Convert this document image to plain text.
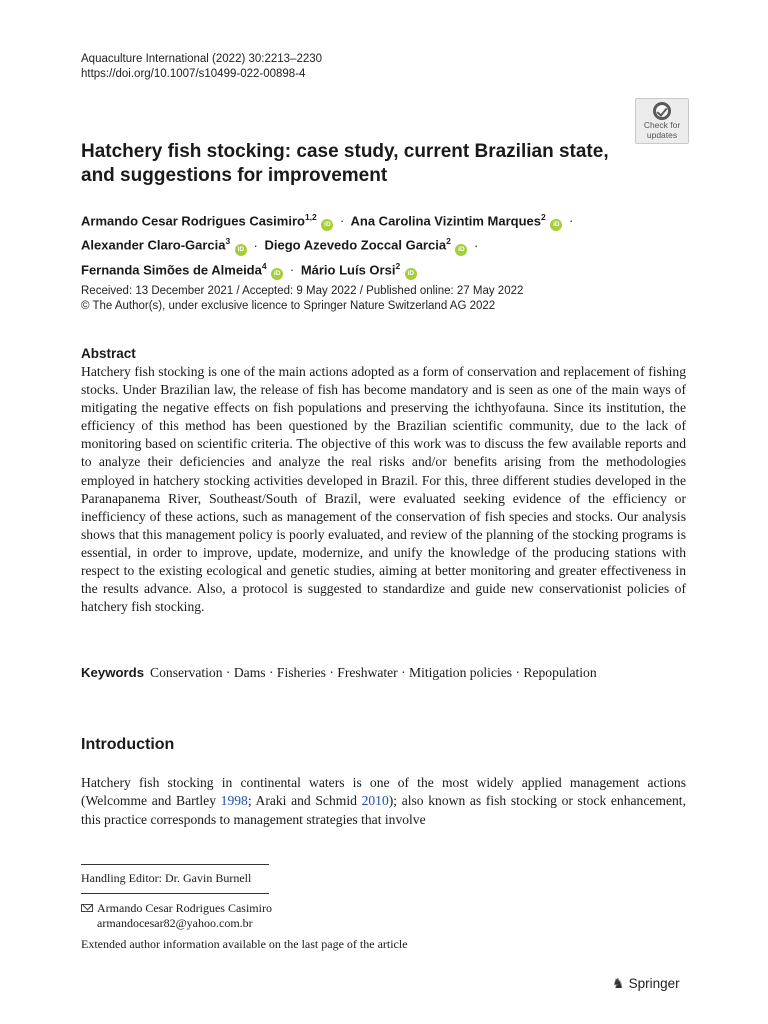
Aquaculture International (2022) 30:2213–2230
https://doi.org/10.1007/s10499-022-00898-4
Check for
updates
Hatchery fish stocking: case study, current Brazilian state,
and suggestions for improvement
Armando Cesar Rodrigues Casimiro$^{1,2}$ iD · Ana Carolina Vizintim Marques$^2$ iD ·
Alexander Claro-Garcia$^3$ iD · Diego Azevedo Zoccal Garcia$^2$ iD ·
Fernanda Simões de Almeida$^4$ iD · Mário Luís Orsi$^2$ iD
Received: 13 December 2021 / Accepted: 9 May 2022 / Published online: 27 May 2022
© The Author(s), under exclusive licence to Springer Nature Switzerland AG 2022
Abstract

Hatchery fish stocking is one of the main actions adopted as a form of conservation and replacement of fishing stocks. Under Brazilian law, the release of fish has become mandatory and is seen as one of the main ways of mitigating the negative effects on fish populations and preserving the ichthyofauna. Since its institution, the efficiency of this method has been questioned by the Brazilian scientific community, due to the lack of monitoring based on scientific criteria. The objective of this work was to discuss the few available reports and to analyze their deficiencies and analyze the real risks and/or benefits arising from the methodologies employed in hatchery stocking activities developed in Brazil. For this, three different studies developed in the Paranapanema River, Southeast/South of Brazil, were evaluated seeking evidence of the efficiency or inefficiency of these actions, such as management of the conservation of fish species and stocks. Our analysis shows that this management policy is poorly evaluated, and review of the planning of the stocking programs is essential, in order to improve, update, modernize, and unify the knowledge of the producing stations with respect to the existing ecological and genetic studies, aiming at better monitoring and greater effectiveness in the results advance. Also, a protocol is suggested to standardize and guide new conservationist policies of hatchery fish stocking.

Keywords Conservation · Dams · Fisheries · Freshwater · Mitigation policies · Repopulation
Introduction

Hatchery fish stocking in continental waters is one of the most widely applied management actions (Welcomme and Bartley 1998; Araki and Schmid 2010); also known as fish stocking or stock enhancement, this practice corresponds to management strategies that involve

Handling Editor: Dr. Gavin Burnell
Armando Cesar Rodrigues Casimiro
armandocesar82@yahoo.com.br
Extended author information available on the last page of the article
♞ Springer
